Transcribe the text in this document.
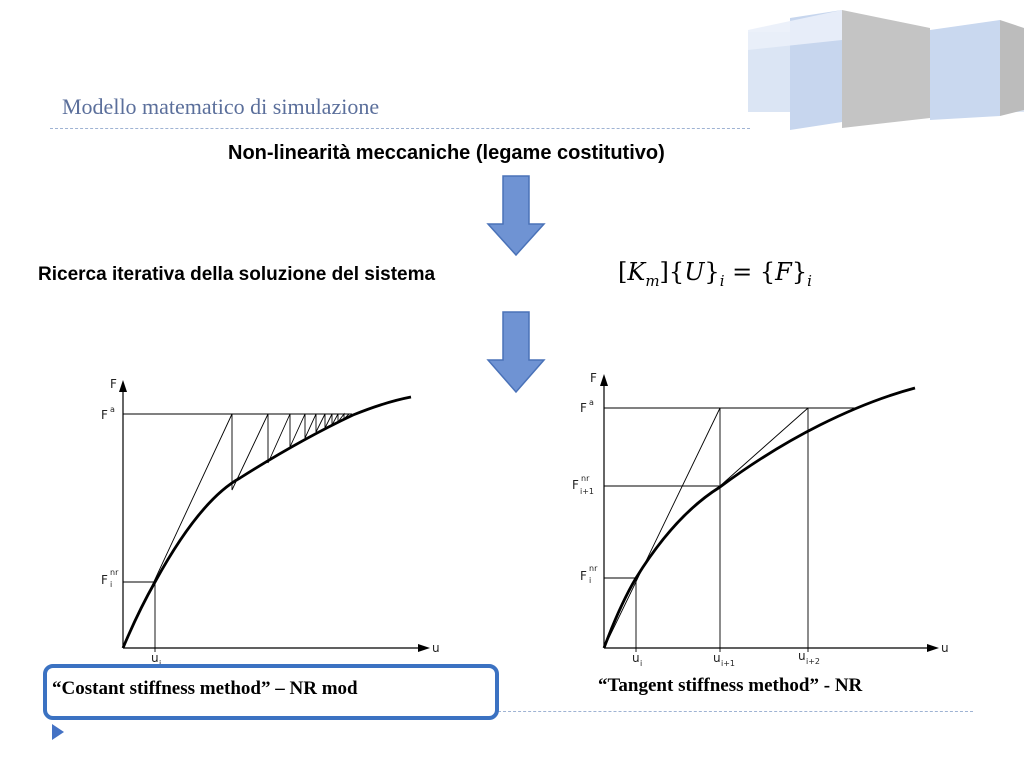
F
u
F a
F
nr
i
u i
F
u
F a
F nr
i+1
F
nr
i
u i	u i+1
u i+2
Modello matematico di simulazione
Non-linearità meccaniche (legame costitutivo)
Ricerca iterativa della soluzione del sistema	$[K_m]\{U\}_i = \{F\}_i$
“Costant stiffness method” – NR mod	“Tangent stiffness method” - NR
